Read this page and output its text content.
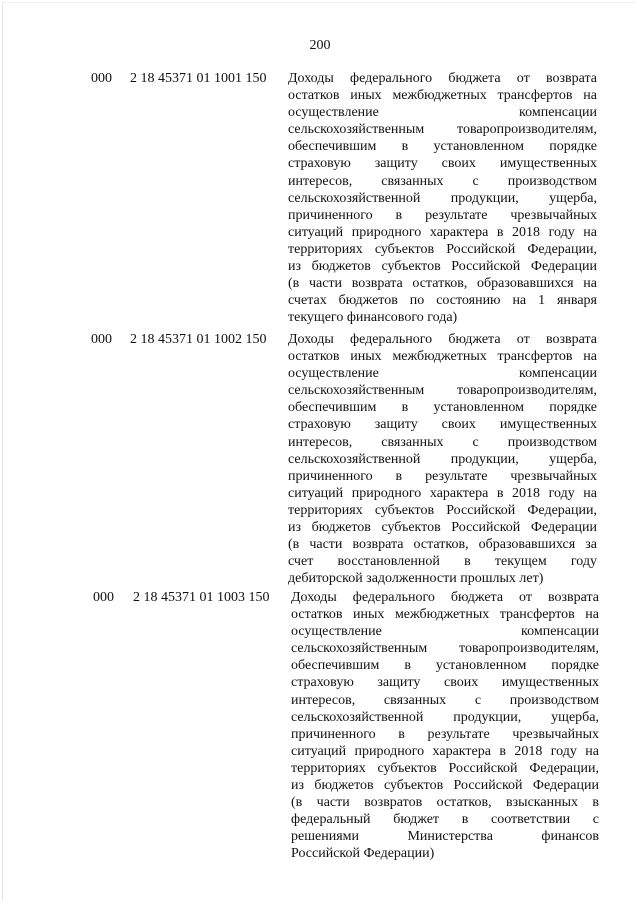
200
000 2 18 45371 01 1001 150 Доходы федерального бюджета от возврата
остатков иных межбюджетных трансфертов на
осуществление компенсации
сельскохозяйственным товаропроизводителям,
обеспечившим в установленном порядке
страховую защиту своих имущественных
интересов, связанных с производством
сельскохозяйственной продукции, ущерба,
причиненного в результате чрезвычайных
ситуаций природного характера в 2018 году на
территориях субъектов Российской Федерации,
из бюджетов субъектов Российской Федерации
(в части возврата остатков, образовавшихся на
счетах бюджетов по состоянию на 1 января
текущего финансового года)
000 2 18 45371 01 1002 150 Доходы федерального бюджета от возврата
остатков иных межбюджетных трансфертов на
осуществление компенсации
сельскохозяйственным товаропроизводителям,
обеспечившим в установленном порядке
страховую защиту своих имущественных
интересов, связанных с производством
сельскохозяйственной продукции, ущерба,
причиненного в результате чрезвычайных
ситуаций природного характера в 2018 году на
территориях субъектов Российской Федерации,
из бюджетов субъектов Российской Федерации
(в части возврата остатков, образовавшихся за
счет восстановленной в текущем году
дебиторской задолженности прошлых лет)
000 2 18 45371 01 1003 150 Доходы федерального бюджета от возврата
остатков иных межбюджетных трансфертов на
осуществление компенсации
сельскохозяйственным товаропроизводителям,
обеспечившим в установленном порядке
страховую защиту своих имущественных
интересов, связанных с производством
сельскохозяйственной продукции, ущерба,
причиненного в результате чрезвычайных
ситуаций природного характера в 2018 году на
территориях субъектов Российской Федерации,
из бюджетов субъектов Российской Федерации
(в части возвратов остатков, взысканных в
федеральный бюджет в соответствии с
решениями Министерства финансов
Российской Федерации)
